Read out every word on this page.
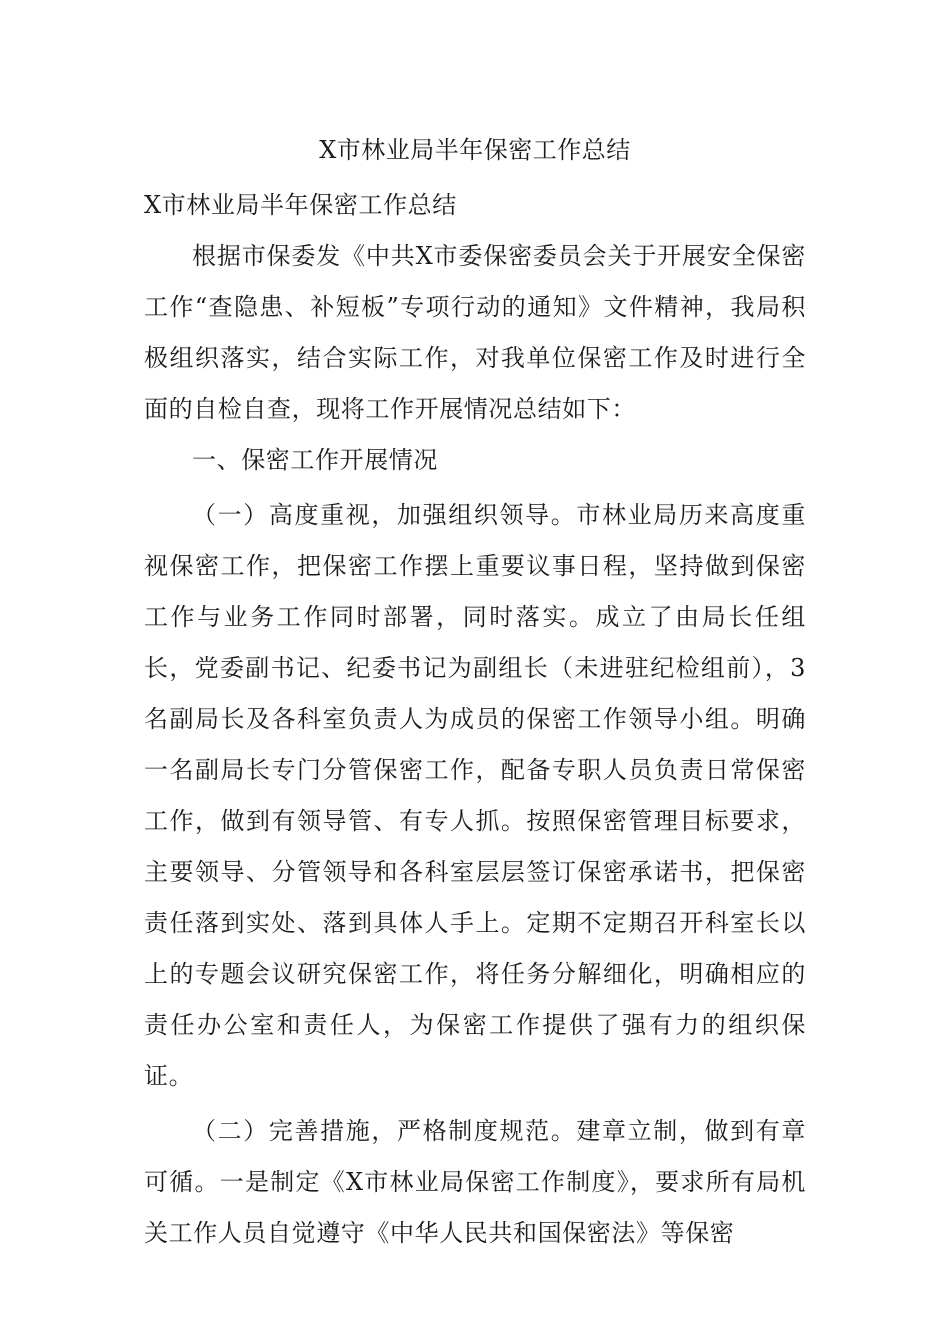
X市林业局半年保密工作总结

X市林业局半年保密工作总结

根据市保委发《中共X市委保密委员会关于开展安全保密工作“查隐患、补短板”专项行动的通知》文件精神，我局积极组织落实，结合实际工作，对我单位保密工作及时进行全面的自检自查，现将工作开展情况总结如下：

一、保密工作开展情况

（一）高度重视，加强组织领导。市林业局历来高度重视保密工作，把保密工作摆上重要议事日程，坚持做到保密工作与业务工作同时部署，同时落实。成立了由局长任组长，党委副书记、纪委书记为副组长（未进驻纪检组前），3名副局长及各科室负责人为成员的保密工作领导小组。明确一名副局长专门分管保密工作，配备专职人员负责日常保密工作，做到有领导管、有专人抓。按照保密管理目标要求，主要领导、分管领导和各科室层层签订保密承诺书，把保密责任落到实处、落到具体人手上。定期不定期召开科室长以上的专题会议研究保密工作，将任务分解细化，明确相应的责任办公室和责任人，为保密工作提供了强有力的组织保证。

（二）完善措施，严格制度规范。建章立制，做到有章可循。一是制定《X市林业局保密工作制度》，要求所有局机关工作人员自觉遵守《中华人民共和国保密法》等保密
